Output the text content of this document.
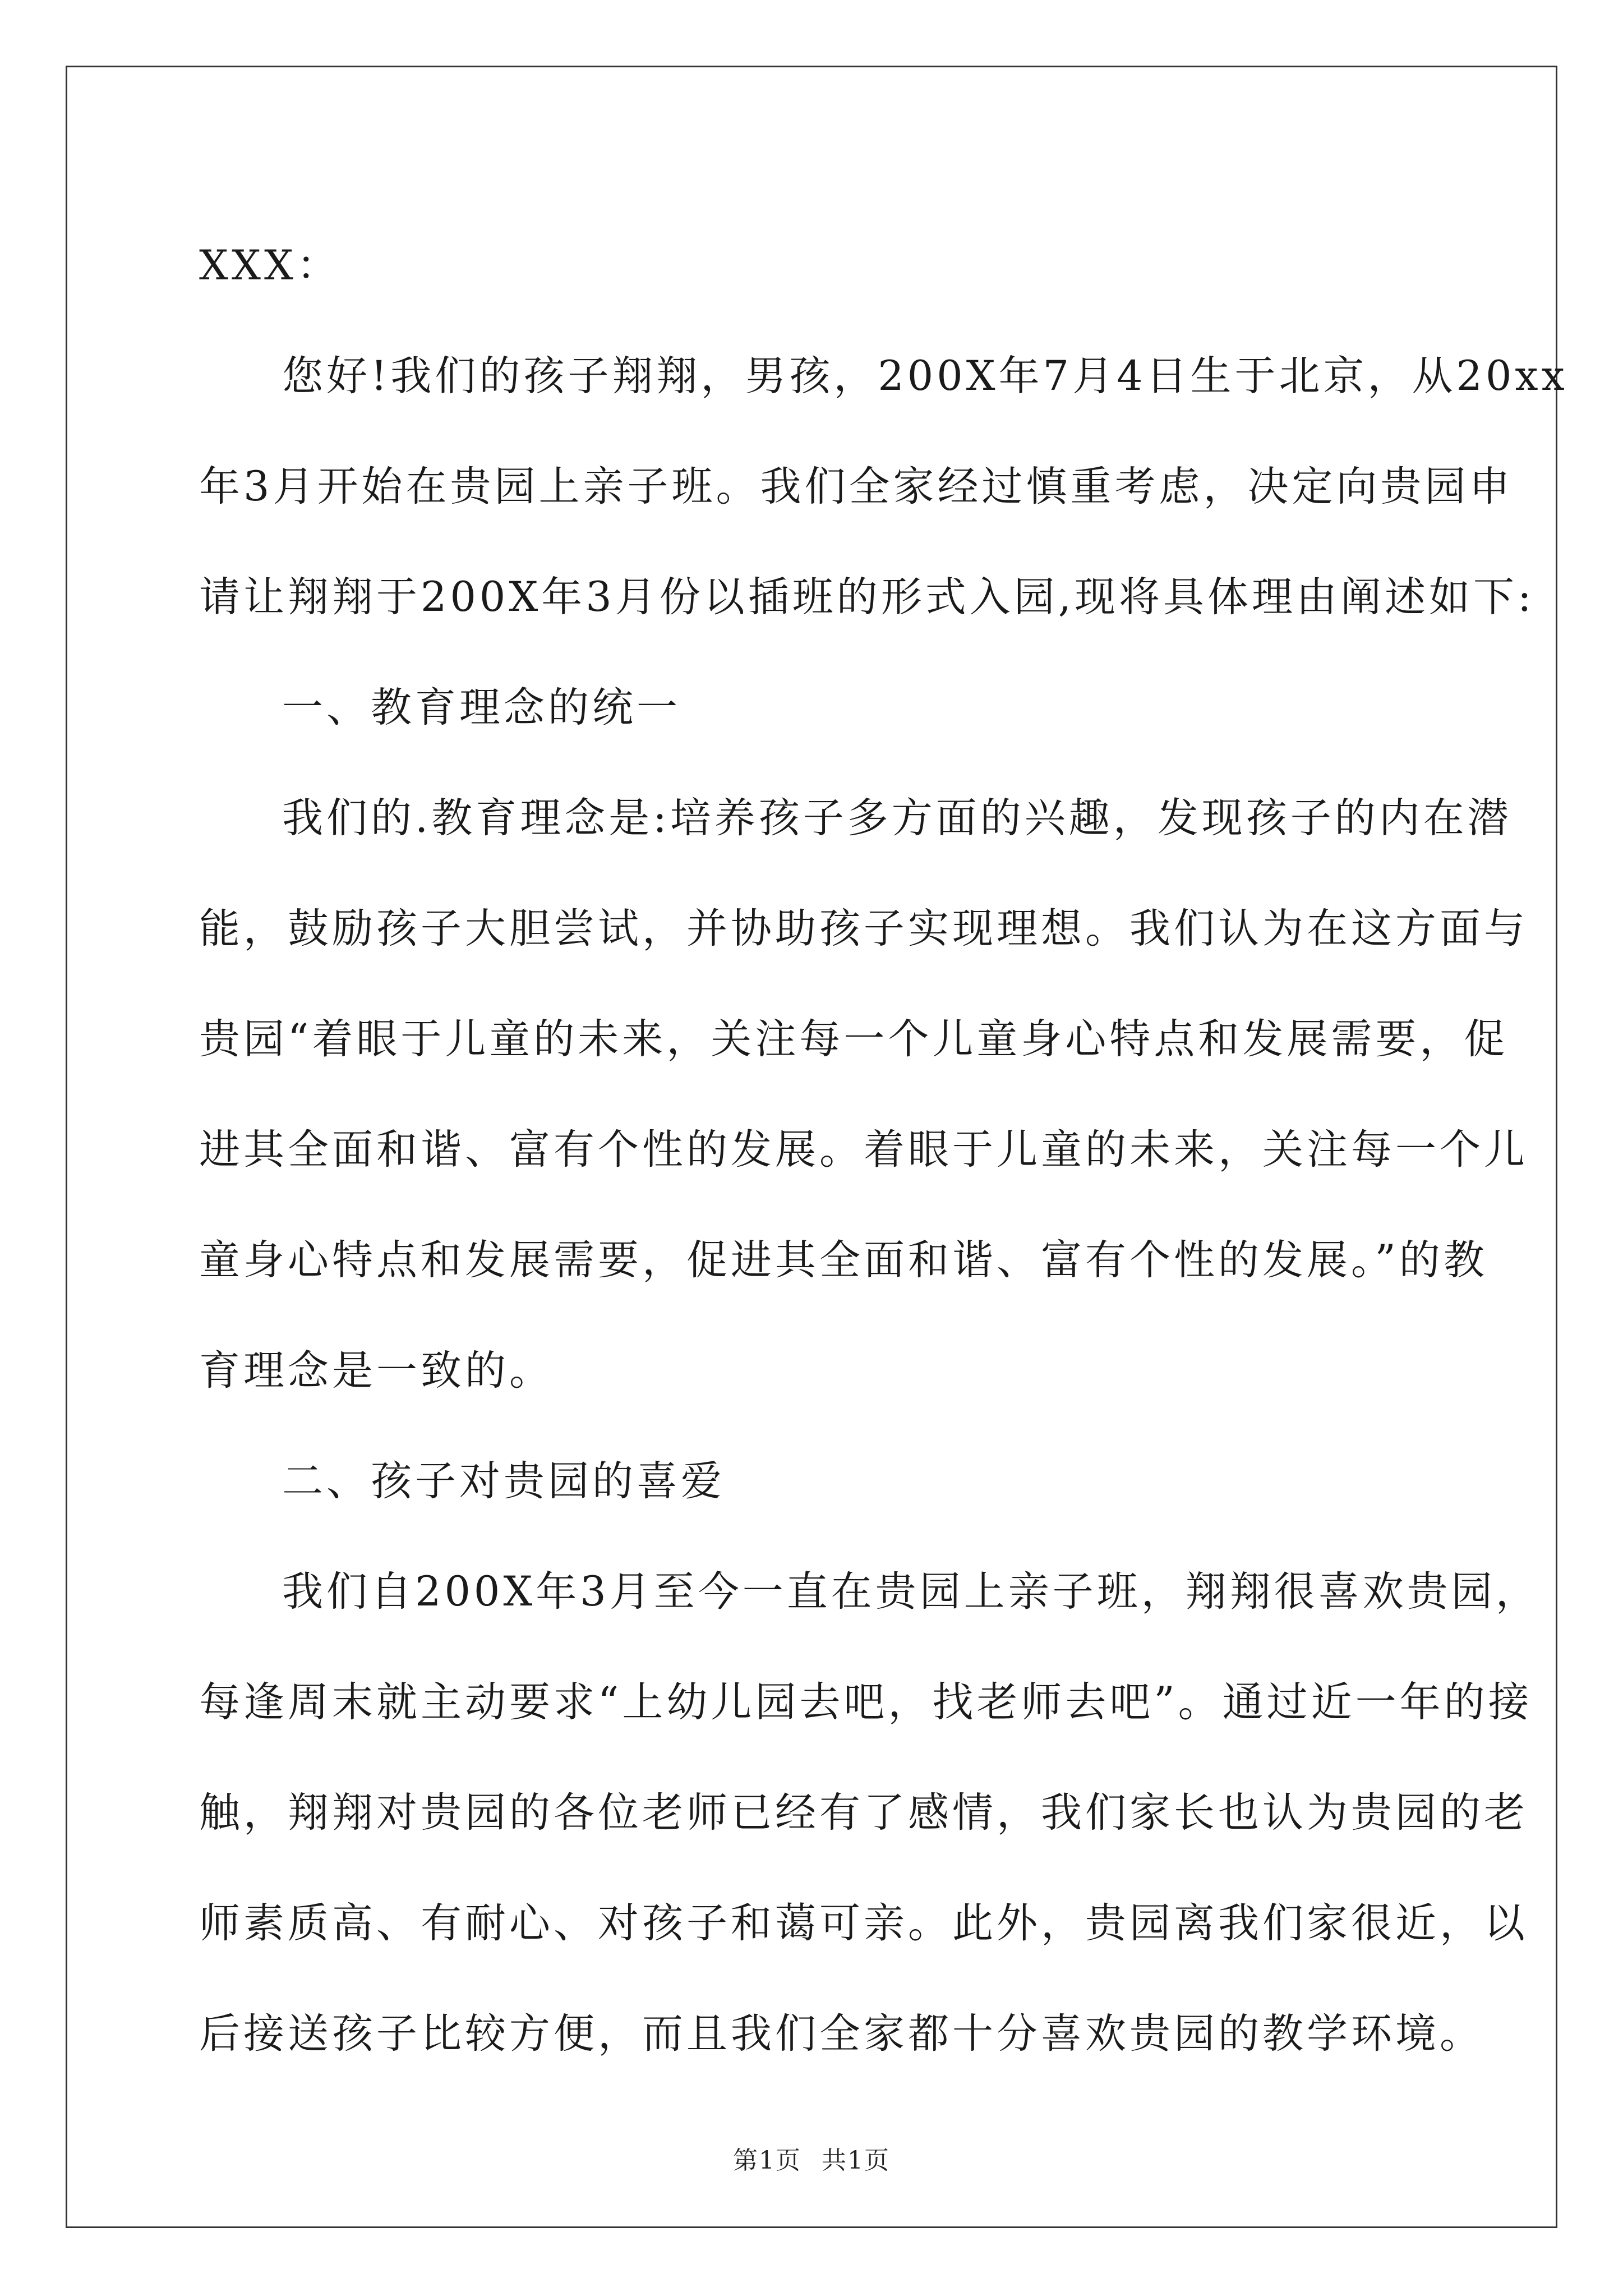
XXX：
您好!我们的孩子翔翔，男孩，200X年7月4日生于北京，从20xx
年3月开始在贵园上亲子班。我们全家经过慎重考虑，决定向贵园申
请让翔翔于200X年3月份以插班的形式入园,现将具体理由阐述如下:
一、教育理念的统一
我们的.教育理念是:培养孩子多方面的兴趣，发现孩子的内在潜
能，鼓励孩子大胆尝试，并协助孩子实现理想。我们认为在这方面与
贵园“着眼于儿童的未来，关注每一个儿童身心特点和发展需要，促
进其全面和谐、富有个性的发展。着眼于儿童的未来，关注每一个儿
童身心特点和发展需要，促进其全面和谐、富有个性的发展。”的教
育理念是一致的。
二、孩子对贵园的喜爱
我们自200X年3月至今一直在贵园上亲子班，翔翔很喜欢贵园，
每逢周末就主动要求“上幼儿园去吧，找老师去吧”。通过近一年的接
触，翔翔对贵园的各位老师已经有了感情，我们家长也认为贵园的老
师素质高、有耐心、对孩子和蔼可亲。此外，贵园离我们家很近，以
后接送孩子比较方便，而且我们全家都十分喜欢贵园的教学环境。
第1页 共1页
